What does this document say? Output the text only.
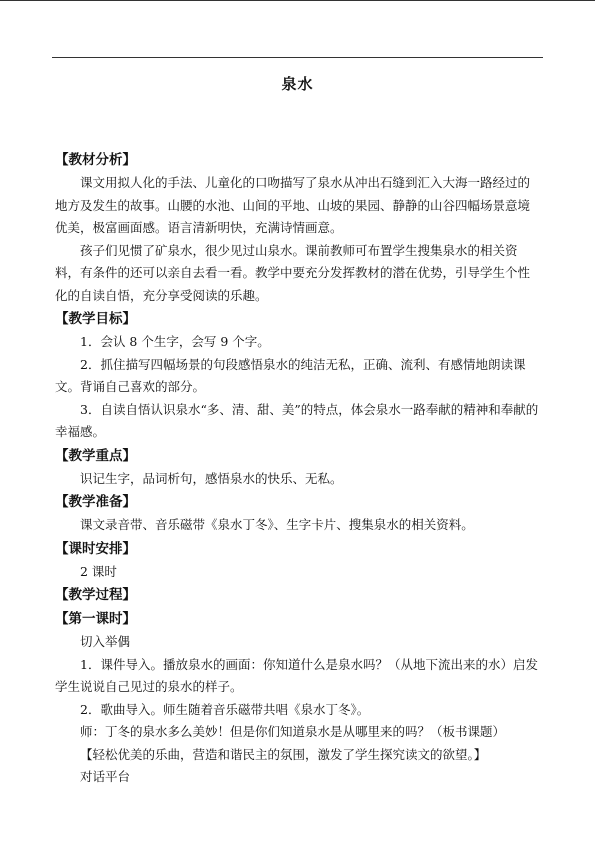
泉水
【教材分析】

课文用拟人化的手法、儿童化的口吻描写了泉水从冲出石缝到汇入大海一路经过的地方及发生的故事。山腰的水池、山间的平地、山坡的果园、静静的山谷四幅场景意境优美，极富画面感。语言清新明快，充满诗情画意。

孩子们见惯了矿泉水，很少见过山泉水。课前教师可布置学生搜集泉水的相关资料，有条件的还可以亲自去看一看。教学中要充分发挥教材的潜在优势，引导学生个性化的自读自悟，充分享受阅读的乐趣。

【教学目标】

1．会认 8 个生字，会写 9 个字。

2．抓住描写四幅场景的句段感悟泉水的纯洁无私，正确、流利、有感情地朗读课文。背诵自己喜欢的部分。

3．自读自悟认识泉水“多、清、甜、美”的特点，体会泉水一路奉献的精神和奉献的幸福感。

【教学重点】

识记生字，品词析句，感悟泉水的快乐、无私。

【教学准备】

课文录音带、音乐磁带《泉水丁冬》、生字卡片、搜集泉水的相关资料。

【课时安排】

2 课时

【教学过程】
【第一课时】

切入举偶

1．课件导入。播放泉水的画面：你知道什么是泉水吗？（从地下流出来的水）启发学生说说自己见过的泉水的样子。

2．歌曲导入。师生随着音乐磁带共唱《泉水丁冬》。

师：丁冬的泉水多么美妙！但是你们知道泉水是从哪里来的吗？（板书课题）

【轻松优美的乐曲，营造和谐民主的氛围，激发了学生探究读文的欲望。】

对话平台
